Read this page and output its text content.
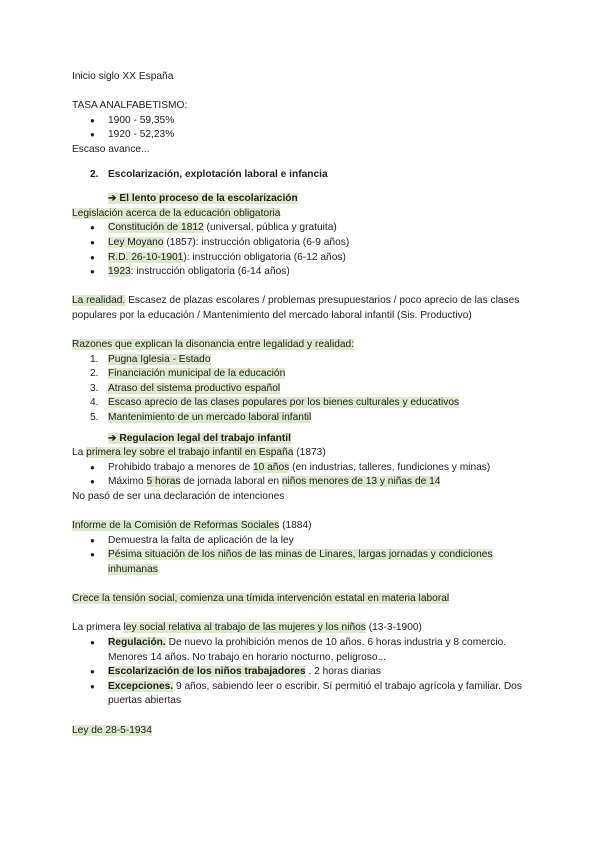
Inicio siglo XX España
TASA ANALFABETISMO:
● 1900 - 59,35%
● 1920 - 52,23%
Escaso avance...
2. Escolarización, explotación laboral e infancia
➔ El lento proceso de la escolarización
Legislación acerca de la educación obligatoria
● Constitución de 1812 (universal, pública y gratuita)
● Ley Moyano (1857): instrucción obligatoria (6-9 años)
● R.D. 26-10-1901): instrucción obligatoria (6-12 años)
● 1923: instrucción obligatoria (6-14 años)
La realidad. Escasez de plazas escolares / problemas presupuestarios / poco aprecio de las clases populares por la educación / Mantenimiento del mercado laboral infantil (Sis. Productivo)
Razones que explican la disonancia entre legalidad y realidad:
1. Pugna Iglesia - Estado
2. Financiación municipal de la educación
3. Atraso del sistema productivo español
4. Escaso aprecio de las clases populares por los bienes culturales y educativos
5. Mantenimiento de un mercado laboral infantil
➔ Regulacion legal del trabajo infantil
La primera ley sobre el trabajo infantil en España (1873)
● Prohibido trabajo a menores de 10 años (en industrias, talleres, fundiciones y minas)
● Máximo 5 horas de jornada laboral en niños menores de 13 y niñas de 14
No pasó de ser una declaración de intenciones
Informe de la Comisión de Reformas Sociales (1884)
● Demuestra la falta de aplicación de la ley
● Pésima situación de los niños de las minas de Linares, largas jornadas y condiciones inhumanas
Crece la tensión social, comienza una tímida intervención estatal en materia laboral
La primera ley social relativa al trabajo de las mujeres y los niños (13-3-1900)
● Regulación. De nuevo la prohibición menos de 10 años. 6 horas industria y 8 comercio. Menores 14 años. No trabajo en horario nocturno, peligroso...
● Escolarización de los niños trabajadores . 2 horas diarias
● Excepciones. 9 años, sabiendo leer o escribir. Sí permitió el trabajo agrícola y familiar. Dos puertas abiertas
Ley de 28-5-1934
